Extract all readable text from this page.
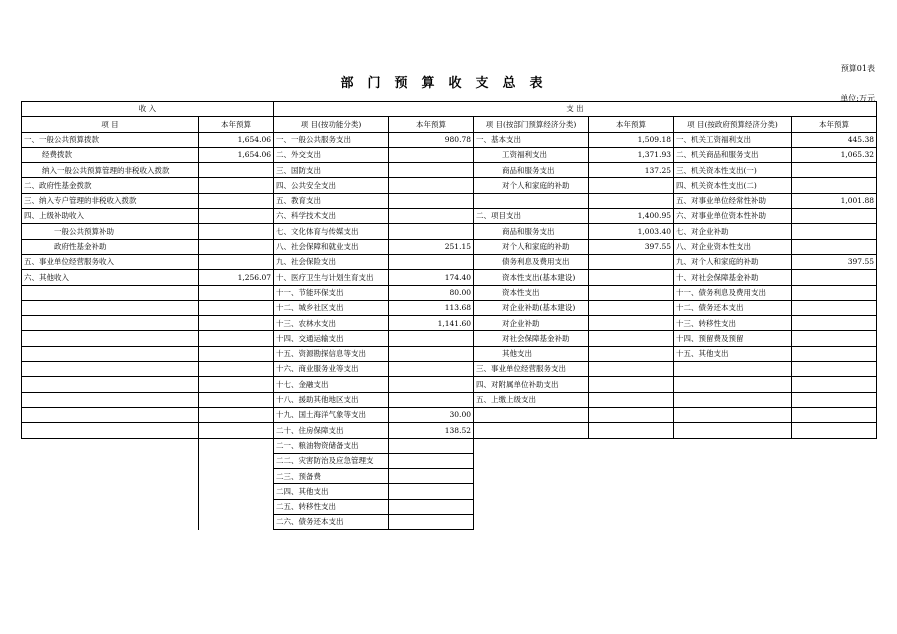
预算01表
部门预算收支总表
单位:万元
收 入		支 出					
项 目	本年预算	项 目(按功能分类)	本年预算	项 目(按部门预算经济分类)	本年预算	项 目(按政府预算经济分类)	本年预算
一、一般公共预算拨款	1,654.06	一、一般公共服务支出	980.78	一、基本支出	1,509.18	一、机关工资福利支出	445.38
经费拨款	1,654.06	二、外交支出		工资福利支出	1,371.93	二、机关商品和服务支出	1,065.32
纳入一般公共预算管理的非税收入拨款		三、国防支出		商品和服务支出	137.25	三、机关资本性支出(一)	
二、政府性基金拨款		四、公共安全支出		对个人和家庭的补助		四、机关资本性支出(二)	
三、纳入专户管理的非税收入拨款		五、教育支出				五、对事业单位经常性补助	1,001.88
四、上级补助收入		六、科学技术支出		二、项目支出	1,400.95	六、对事业单位资本性补助	
一般公共预算补助		七、文化体育与传媒支出		商品和服务支出	1,003.40	七、对企业补助	
政府性基金补助		八、社会保障和就业支出	251.15	对个人和家庭的补助	397.55	八、对企业资本性支出	
五、事业单位经营服务收入		九、社会保险支出		债务利息及费用支出		九、对个人和家庭的补助	397.55
六、其他收入	1,256.07	十、医疗卫生与计划生育支出	174.40	资本性支出(基本建设)		十、对社会保障基金补助	
		十一、节能环保支出	80.00	资本性支出		十一、债务利息及费用支出	
		十二、城乡社区支出	113.68	对企业补助(基本建设)		十二、债务还本支出	
		十三、农林水支出	1,141.60	对企业补助		十三、转移性支出	
		十四、交通运输支出		对社会保障基金补助		十四、预留费及预留	
		十五、资源勘探信息等支出		其他支出		十五、其他支出	
		十六、商业服务业等支出		三、事业单位经营服务支出			
		十七、金融支出		四、对附属单位补助支出			
		十八、援助其他地区支出		五、上缴上级支出			
		十九、国土海洋气象等支出	30.00				
		二十、住房保障支出	138.52				
		二一、粮油物资储备支出					
		二二、灾害防治及应急管理支					
		二三、预备费					
		二四、其他支出					
		二五、转移性支出					
		二六、债务还本支出					
